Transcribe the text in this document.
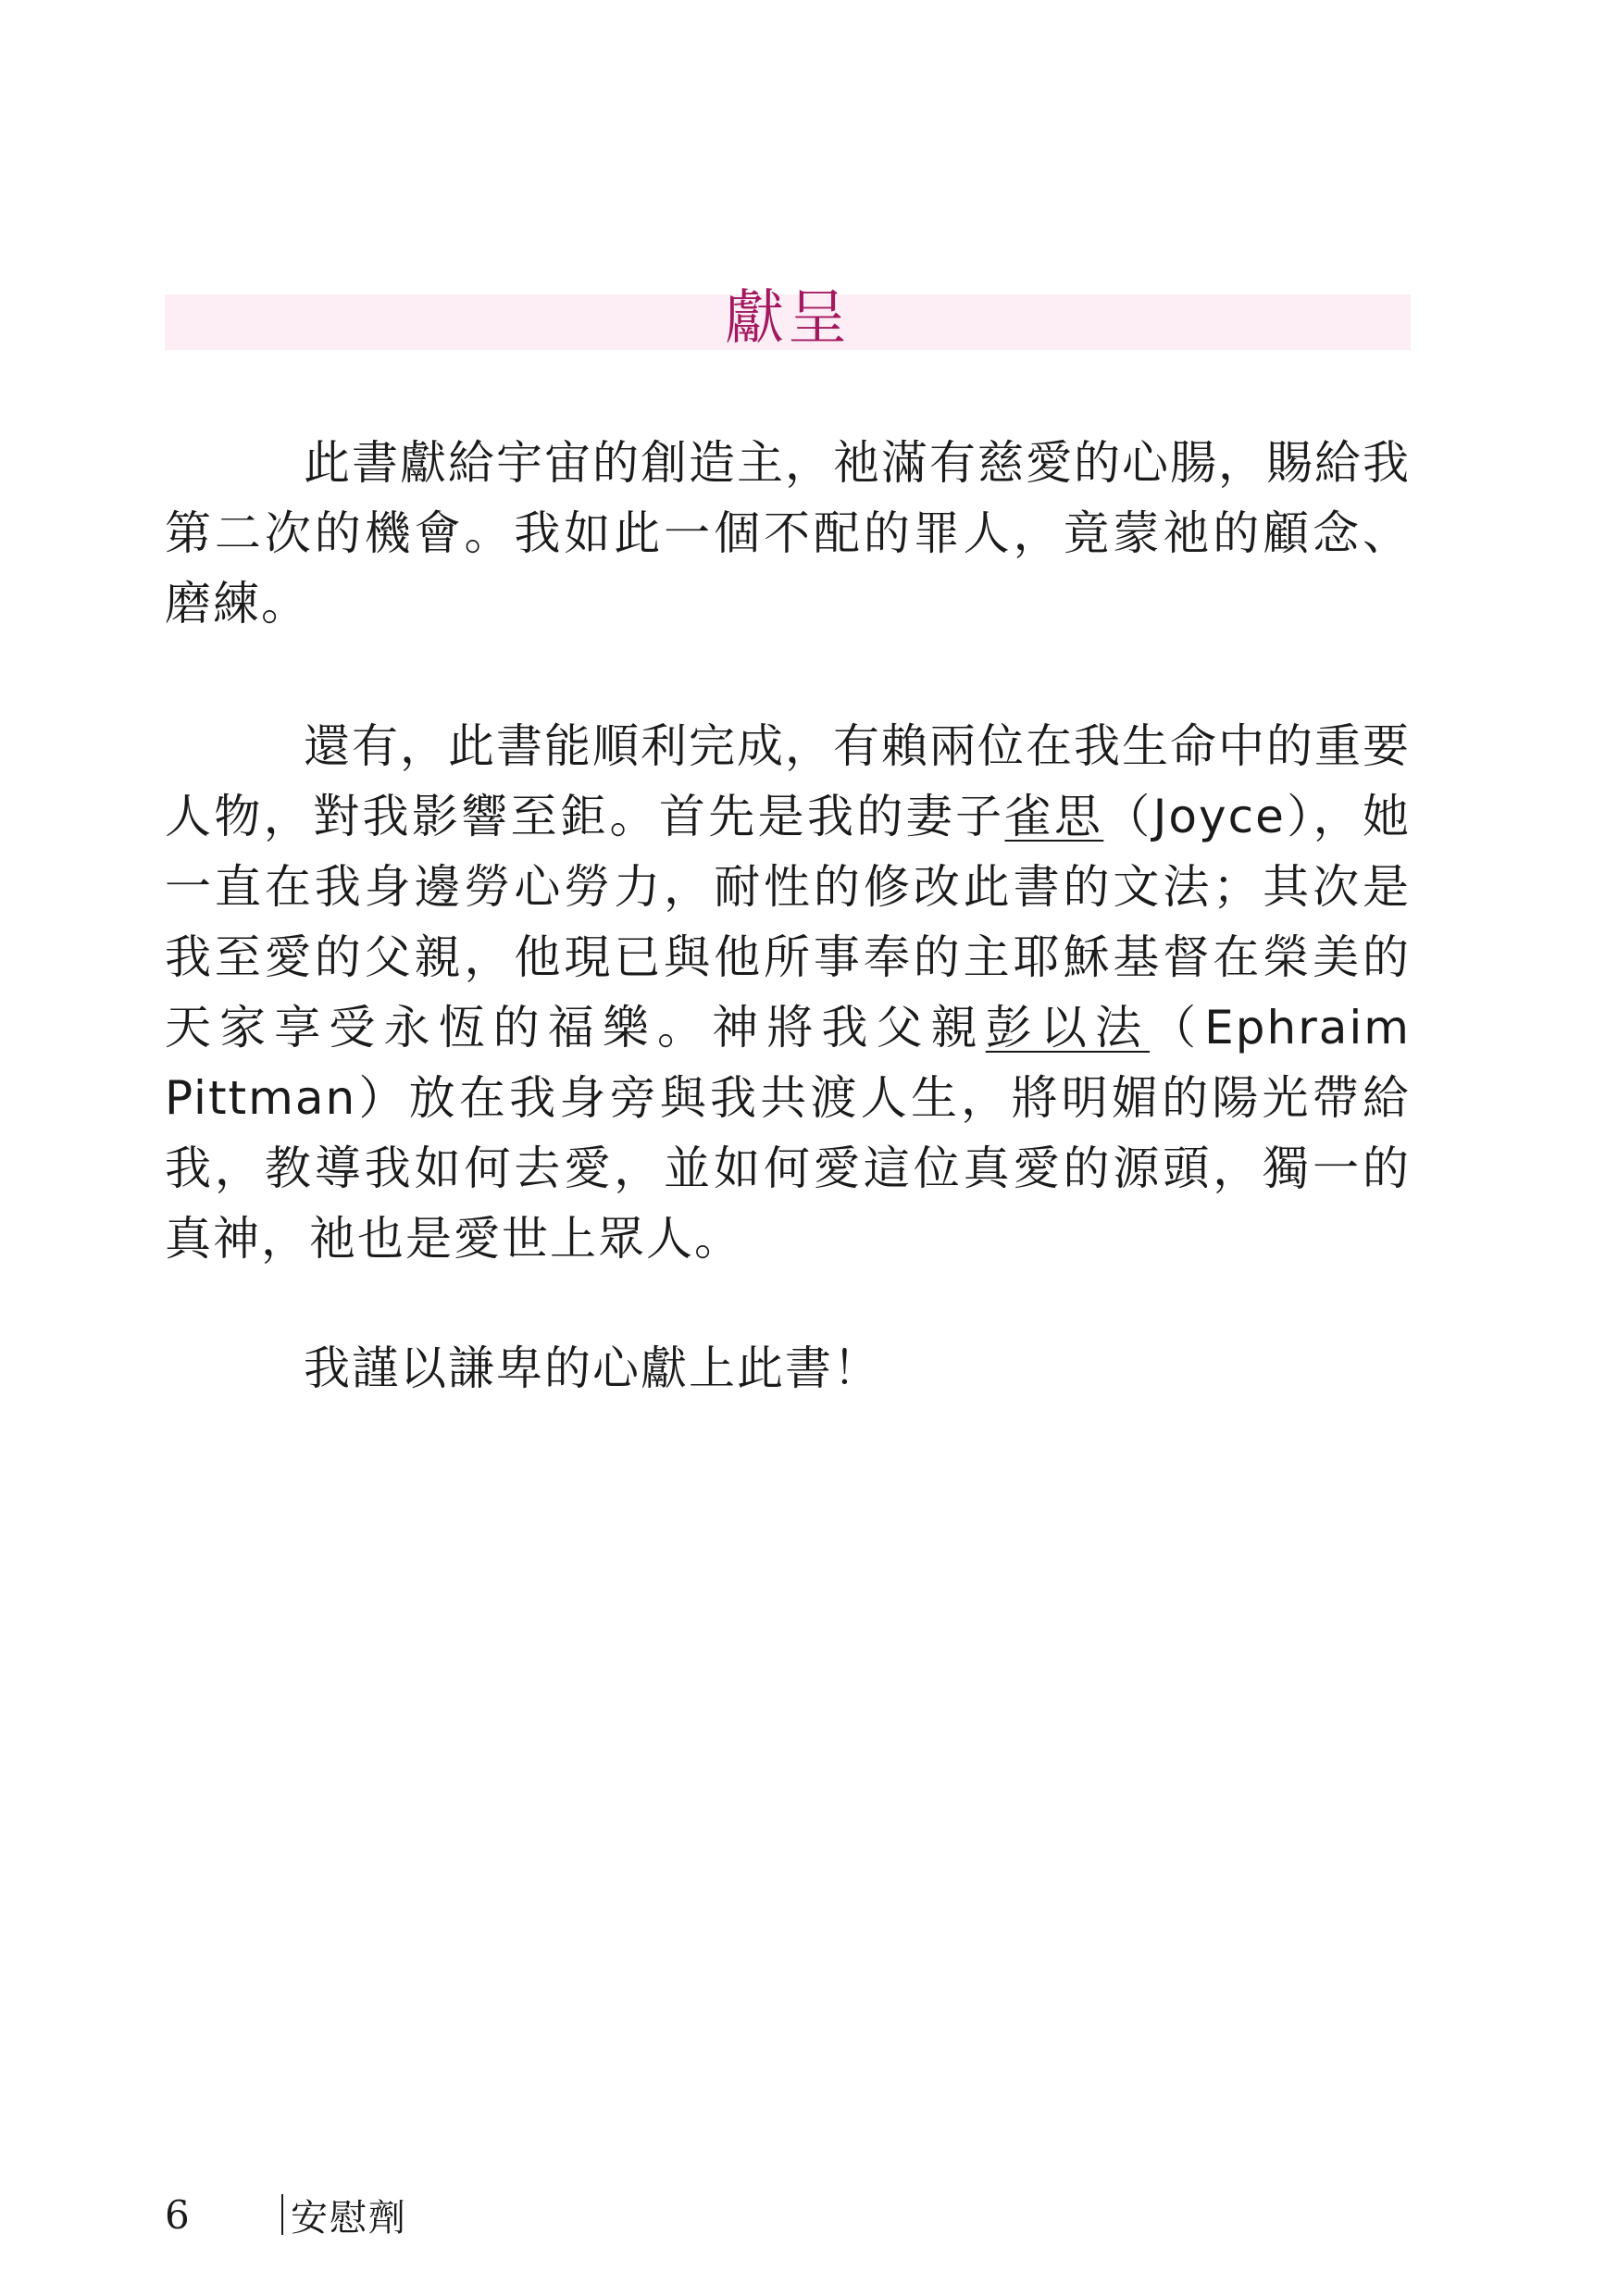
獻呈

此書獻給宇宙的創造主，祂滿有慈愛的心腸，賜給我第二次的機會。我如此一個不配的罪人，竟蒙祂的顧念、磨練。

還有，此書能順利完成，有賴兩位在我生命中的重要人物，對我影響至鉅。首先是我的妻子雀思（Joyce），她一直在我身邊勞心勞力，耐性的修改此書的文法；其次是我至愛的父親，他現已與他所事奉的主耶穌基督在榮美的天家享受永恆的福樂。神將我父親彭以法（Ephraim Pittman）放在我身旁與我共渡人生，將明媚的陽光帶給我，教導我如何去愛，並如何愛這位真愛的源頭，獨一的真神，祂也是愛世上眾人。

我謹以謙卑的心獻上此書！

6	安慰劑
